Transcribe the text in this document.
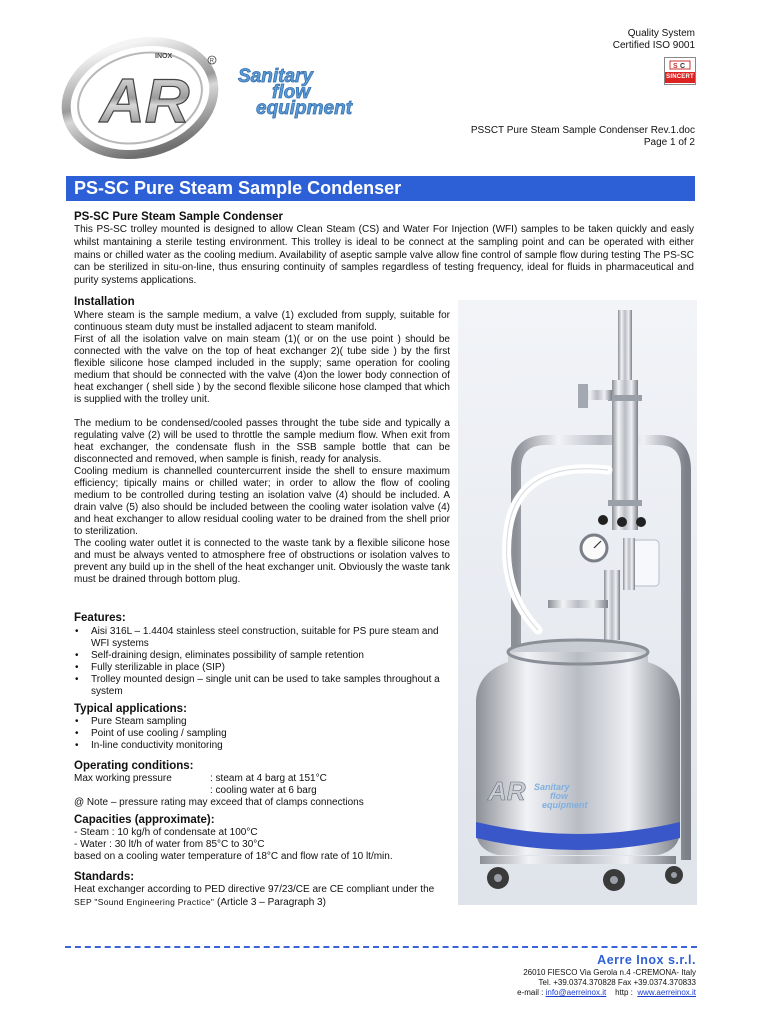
AR
INOX
R
Sanitary
flow
equipment
Quality System
Certified ISO 9001
S C
SINCERT
PSSCT Pure Steam Sample Condenser Rev.1.doc
Page 1 of 2
PS-SC Pure Steam Sample Condenser
PS-SC Pure Steam Sample Condenser
This PS-SC trolley mounted is designed to allow Clean Steam (CS) and Water For Injection (WFI) samples to be taken quickly and easly whilst mantaining a sterile testing environment. This trolley is ideal to be connect at the sampling point and can be operated with either mains or chilled water as the cooling medium. Availability of aseptic sample valve allow fine control of sample flow during testing The PS-SC can be sterilized in situ-on-line, thus ensuring continuity of samples regardless of testing frequency, ideal for fluids in pharmaceutical and purity systems applications.
Installation

Where steam is the sample medium, a valve (1) excluded from supply, suitable for continuous steam duty must be installed adjacent to steam manifold.

First of all the isolation valve on main steam (1)( or on the use point ) should be connected with the valve on the top of heat exchanger 2)( tube side ) by the first flexible silicone hose clamped included in the supply; same operation for cooling medium that should be connected with the valve (4)on the lower body connection of heat exchanger ( shell side ) by the second flexible silicone hose clamped that which is supplied with the trolley unit.

The medium to be condensed/cooled passes throught the tube side and typically a regulating valve (2) will be used to throttle the sample medium flow. When exit from heat exchanger, the condensate flush in the SSB sample bottle that can be disconnected and removed, when sample is finish, ready for analysis.

Cooling medium is channelled countercurrent inside the shell to ensure maximum efficiency; tipically mains or chilled water; in order to allow the flow of cooling medium to be controlled during testing an isolation valve (4) should be included. A drain valve (5) also should be included between the cooling water isolation valve (4) and heat exchanger to allow residual cooling water to be drained from the shell prior to sterilization.

The cooling water outlet it is connected to the waste tank by a flexible silicone hose and must be always vented to atmosphere free of obstructions or isolation valves to prevent any build up in the shell of the heat exchanger unit. Obviously the waste tank must be drained through bottom plug.

Features:
• Aisi 316L – 1.4404 stainless steel construction, suitable for PS pure steam and WFI systems
• Self-draining design, eliminates possibility of sample retention
• Fully sterilizable in place (SIP)
• Trolley mounted design – single unit can be used to take samples throughout a system
Typical applications:
• Pure Steam sampling
• Point of use cooling / sampling
• In-line conductivity monitoring
Operating conditions:
Max working pressure	: steam at 4 barg at 151°C
: cooling water at 6 barg
@ Note – pressure rating may exceed that of clamps connections
Capacities (approximate):
- Steam : 10 kg/h of condensate at 100°C
- Water : 30 lt/h of water from 85°C to 30°C
based on a cooling water temperature of 18°C and flow rate of 10 lt/min.
Standards:
Heat exchanger according to PED directive 97/23/CE are CE compliant under the
SEP "Sound Engineering Practice" (Article 3 – Paragraph 3)
AR Sanitary
flow
equipment
Aerre Inox s.r.l.
26010 FIESCO Via Gerola n.4 -CREMONA- Italy
Tel. +39.0374.370828 Fax +39.0374.370833
e-mail : info@aerreinox.it    http :  www.aerreinox.it
